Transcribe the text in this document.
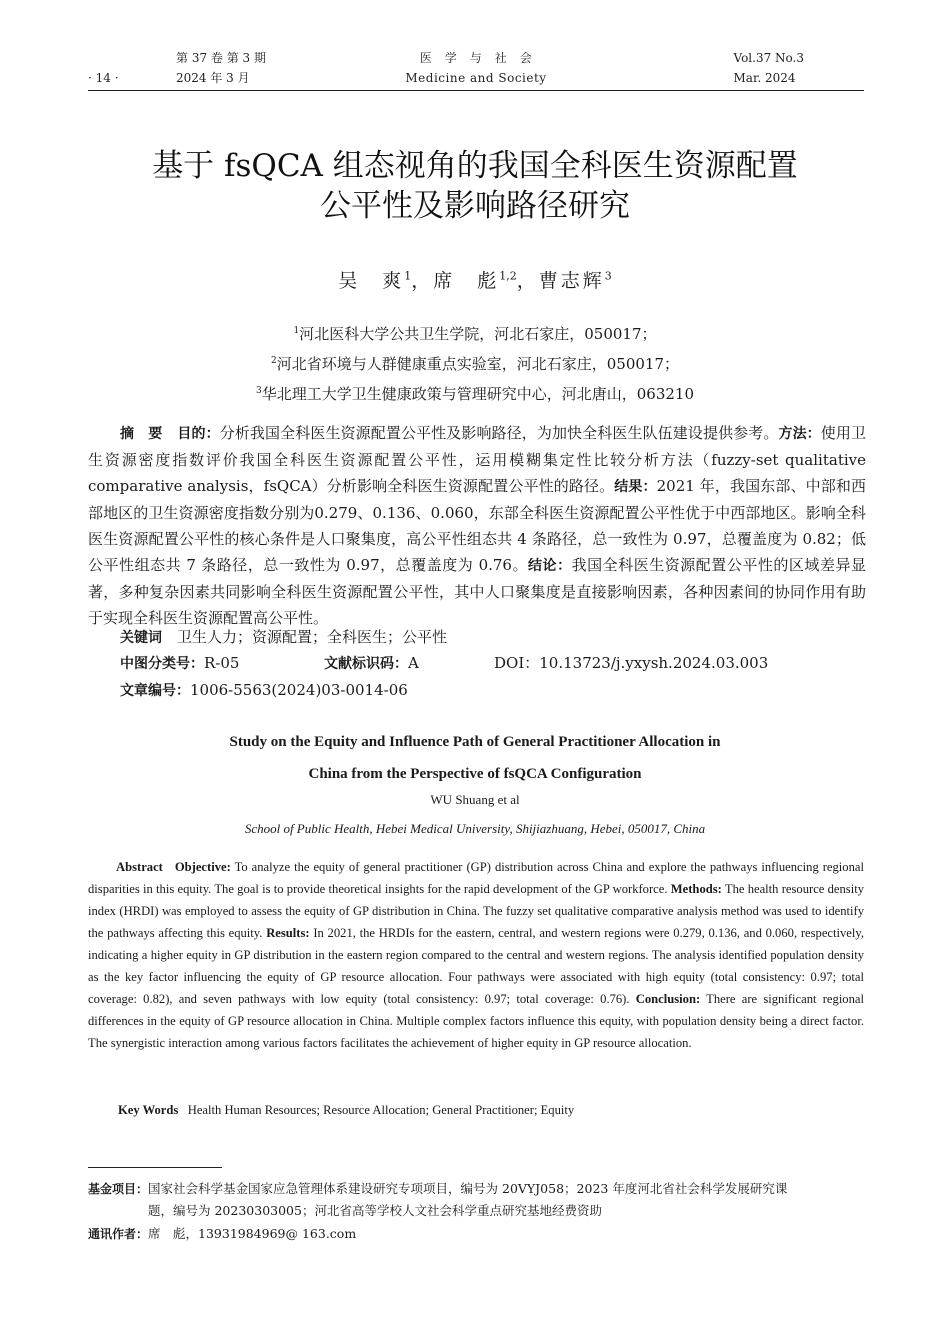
· 14 ·
第 37 卷 第 3 期
2024 年 3 月
医　学　与　社　会
Medicine and Society
Vol.37 No.3
Mar. 2024
基于 fsQCA 组态视角的我国全科医生资源配置
公平性及影响路径研究
吴　爽$^1$，席　彪$^{1,2}$，曹志辉$^3$
$^1$河北医科大学公共卫生学院，河北石家庄，050017；
$^2$河北省环境与人群健康重点实验室，河北石家庄，050017；
$^3$华北理工大学卫生健康政策与管理研究中心，河北唐山，063210
摘　要　 目的：分析我国全科医生资源配置公平性及影响路径，为加快全科医生队伍建设提供参考。方法：使用卫生资源密度指数评价我国全科医生资源配置公平性，运用模糊集定性比较分析方法（fuzzy-set qualitative comparative analysis，fsQCA）分析影响全科医生资源配置公平性的路径。结果：2021 年，我国东部、中部和西部地区的卫生资源密度指数分别为0.279、0.136、0.060，东部全科医生资源配置公平性优于中西部地区。影响全科医生资源配置公平性的核心条件是人口聚集度，高公平性组态共 4 条路径，总一致性为 0.97，总覆盖度为 0.82；低公平性组态共 7 条路径，总一致性为 0.97，总覆盖度为 0.76。结论：我国全科医生资源配置公平性的区域差异显著，多种复杂因素共同影响全科医生资源配置公平性，其中人口聚集度是直接影响因素，各种因素间的协同作用有助于实现全科医生资源配置高公平性。
关键词　 卫生人力；资源配置；全科医生；公平性
中图分类号：R-05	文献标识码：A	DOI：10.13723/j.yxysh.2024.03.003
文章编号：1006-5563(2024)03-0014-06
Study on the Equity and Influence Path of General Practitioner Allocation in
China from the Perspective of fsQCA Configuration
WU Shuang et al
School of Public Health, Hebei Medical University, Shijiazhuang, Hebei, 050017, China
Abstract Objective: To analyze the equity of general practitioner (GP) distribution across China and explore the pathways influencing regional disparities in this equity. The goal is to provide theoretical insights for the rapid development of the GP workforce. Methods: The health resource density index (HRDI) was employed to assess the equity of GP distribution in China. The fuzzy set qualitative comparative analysis method was used to identify the pathways affecting this equity. Results: In 2021, the HRDIs for the eastern, central, and western regions were 0.279, 0.136, and 0.060, respectively, indicating a higher equity in GP distribution in the eastern region compared to the central and western regions. The analysis identified population density as the key factor influencing the equity of GP resource allocation. Four pathways were associated with high equity (total consistency: 0.97; total coverage: 0.82), and seven pathways with low equity (total consistency: 0.97; total coverage: 0.76). Conclusion: There are significant regional differences in the equity of GP resource allocation in China. Multiple complex factors influence this equity, with population density being a direct factor. The synergistic interaction among various factors facilitates the achievement of higher equity in GP resource allocation.
Key Words Health Human Resources; Resource Allocation; General Practitioner; Equity
基金项目：国家社会科学基金国家应急管理体系建设研究专项项目，编号为 20VYJ058；2023 年度河北省社会科学发展研究课
题，编号为 20230303005；河北省高等学校人文社会科学重点研究基地经费资助
通讯作者：席　彪，13931984969@ 163.com
